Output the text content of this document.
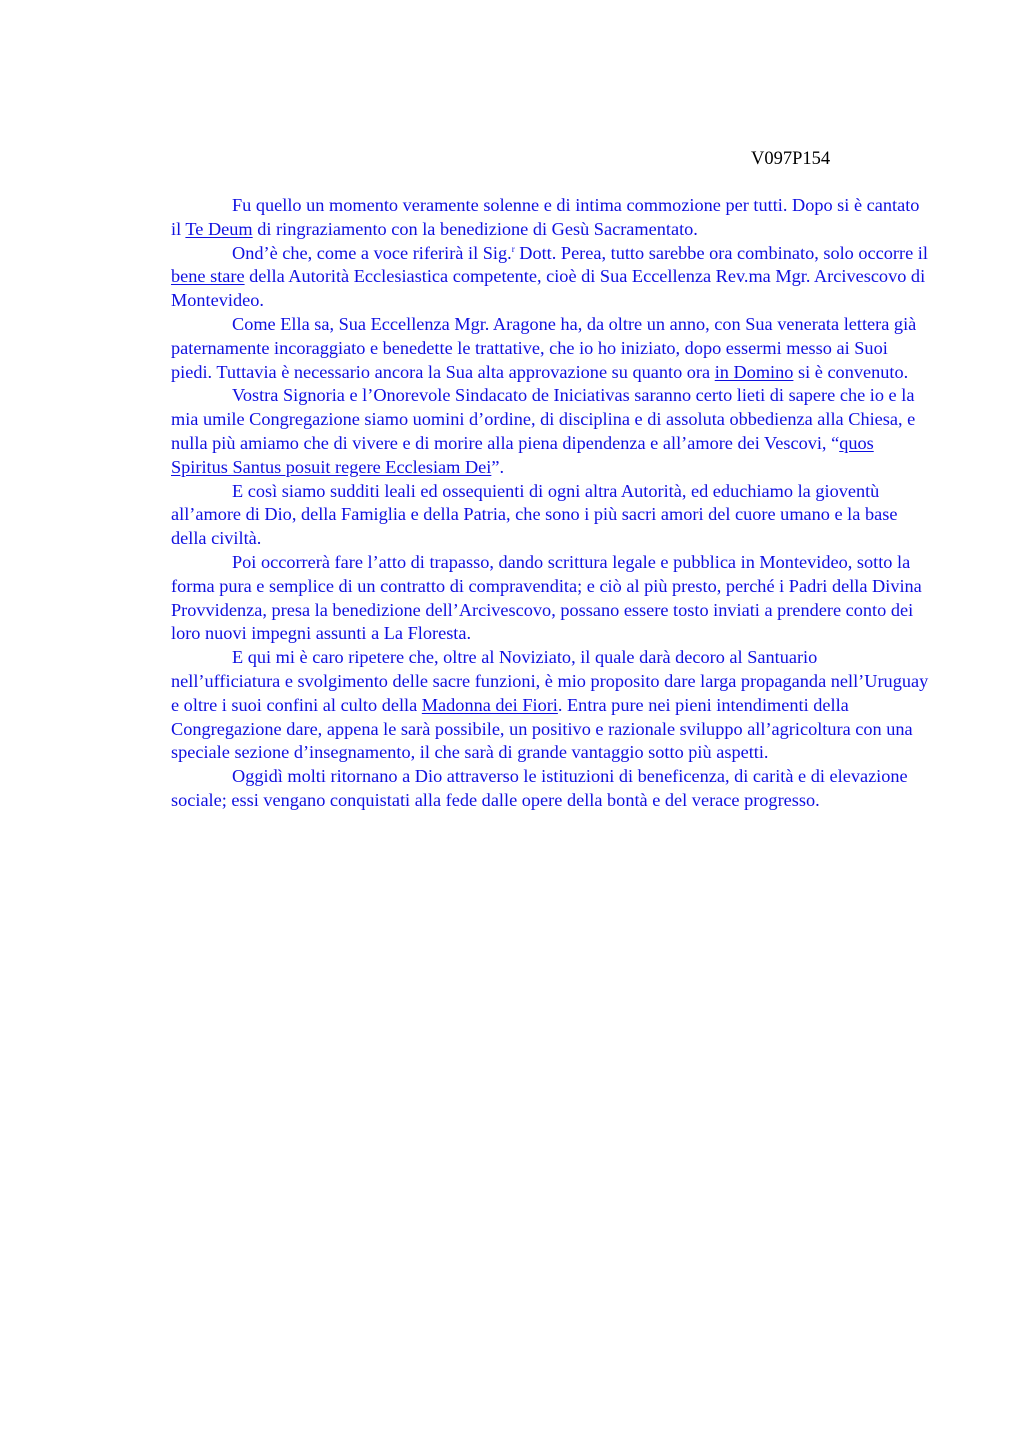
V097P154

Fu quello un momento veramente solenne e di intima commozione per tutti. Dopo si è cantato il Te Deum di ringraziamento con la benedizione di Gesù Sacramentato.

Ond’è che, come a voce riferirà il Sig.$^r$ Dott. Perea, tutto sarebbe ora combinato, solo occorre il bene stare della Autorità Ecclesiastica competente, cioè di Sua Eccellenza Rev.ma Mgr. Arcivescovo di Montevideo.

Come Ella sa, Sua Eccellenza Mgr. Aragone ha, da oltre un anno, con Sua venerata lettera già paternamente incoraggiato e benedette le trattative, che io ho iniziato, dopo essermi messo ai Suoi piedi. Tuttavia è necessario ancora la Sua alta approvazione su quanto ora in Domino si è convenuto.

Vostra Signoria e l’Onorevole Sindacato de Iniciativas saranno certo lieti di sapere che io e la mia umile Congregazione siamo uomini d’ordine, di disciplina e di assoluta obbedienza alla Chiesa, e nulla più amiamo che di vivere e di morire alla piena dipendenza e all’amore dei Vescovi, “quos Spiritus Santus posuit regere Ecclesiam Dei”.

E così siamo sudditi leali ed ossequienti di ogni altra Autorità, ed educhiamo la gioventù all’amore di Dio, della Famiglia e della Patria, che sono i più sacri amori del cuore umano e la base della civiltà.

Poi occorrerà fare l’atto di trapasso, dando scrittura legale e pubblica in Montevideo, sotto la forma pura e semplice di un contratto di compravendita; e ciò al più presto, perché i Padri della Divina Provvidenza, presa la benedizione dell’Arcivescovo, possano essere tosto inviati a prendere conto dei loro nuovi impegni assunti a La Floresta.

E qui mi è caro ripetere che, oltre al Noviziato, il quale darà decoro al Santuario nell’ufficiatura e svolgimento delle sacre funzioni, è mio proposito dare larga propaganda nell’Uruguay e oltre i suoi confini al culto della Madonna dei Fiori. Entra pure nei pieni intendimenti della Congregazione dare, appena le sarà possibile, un positivo e razionale sviluppo all’agricoltura con una speciale sezione d’insegnamento, il che sarà di grande vantaggio sotto più aspetti.

Oggidì molti ritornano a Dio attraverso le istituzioni di beneficenza, di carità e di elevazione sociale; essi vengano conquistati alla fede dalle opere della bontà e del verace progresso.
